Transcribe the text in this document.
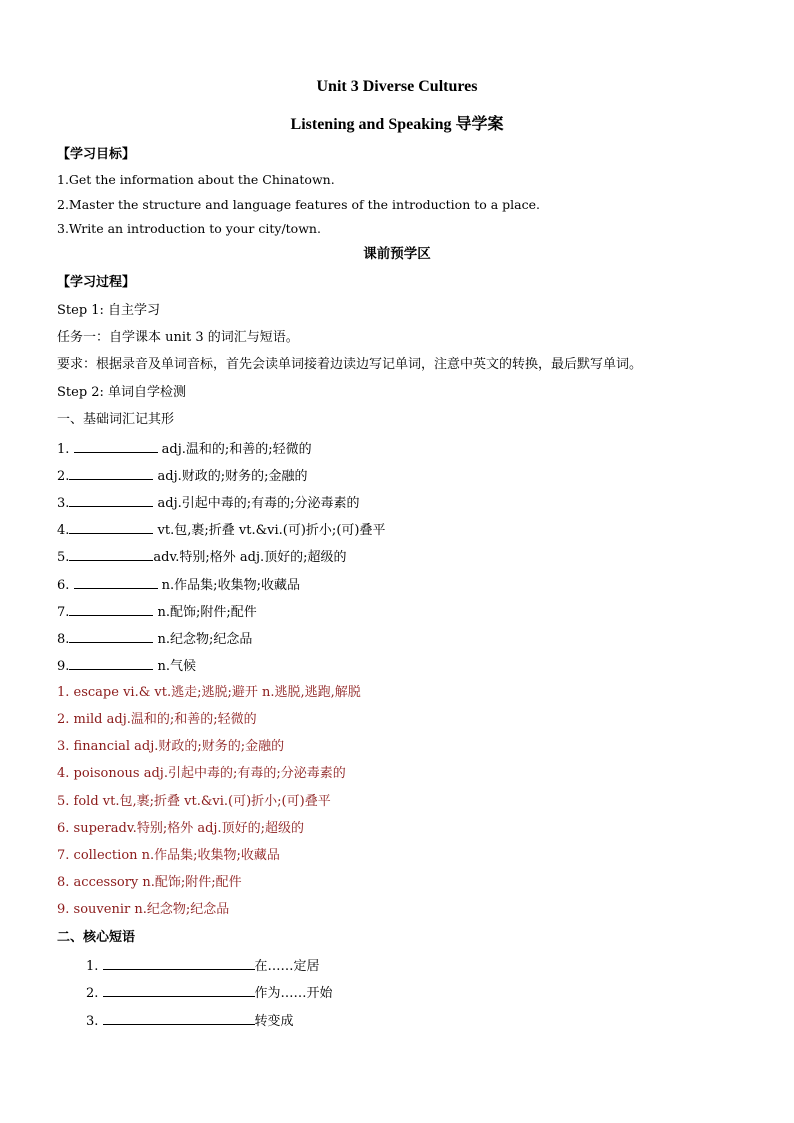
Unit 3 Diverse Cultures
Listening and Speaking 导学案
【学习目标】
1.Get the information about the Chinatown.
2.Master the structure and language features of the introduction to a place.
3.Write an introduction to your city/town.
课前预学区
【学习过程】
Step 1: 自主学习
任务一：自学课本 unit 3 的词汇与短语。
要求：根据录音及单词音标，首先会读单词接着边读边写记单词，注意中英文的转换，最后默写单词。
Step 2: 单词自学检测
一、基础词汇记其形
1.	adj.温和的;和善的;轻微的
2.	adj.财政的;财务的;金融的
3.	adj.引起中毒的;有毒的;分泌毒素的
4.	vt.包,裹;折叠 vt.&vi.(可)折小;(可)叠平
5.	adv.特别;格外 adj.顶好的;超级的
6.	n.作品集;收集物;收藏品
7.	n.配饰;附件;配件
8.	n.纪念物;纪念品
9.	n.气候
1. escape vi.& vt.逃走;逃脱;避开 n.逃脱,逃跑,解脱
2. mild adj.温和的;和善的;轻微的
3. financial adj.财政的;财务的;金融的
4. poisonous adj.引起中毒的;有毒的;分泌毒素的
5. fold vt.包,裹;折叠 vt.&vi.(可)折小;(可)叠平
6. superadv.特别;格外 adj.顶好的;超级的
7. collection n.作品集;收集物;收藏品
8. accessory n.配饰;附件;配件
9. souvenir n.纪念物;纪念品
二、核心短语
1.	在……定居
2.	作为……开始
3.	转变成
